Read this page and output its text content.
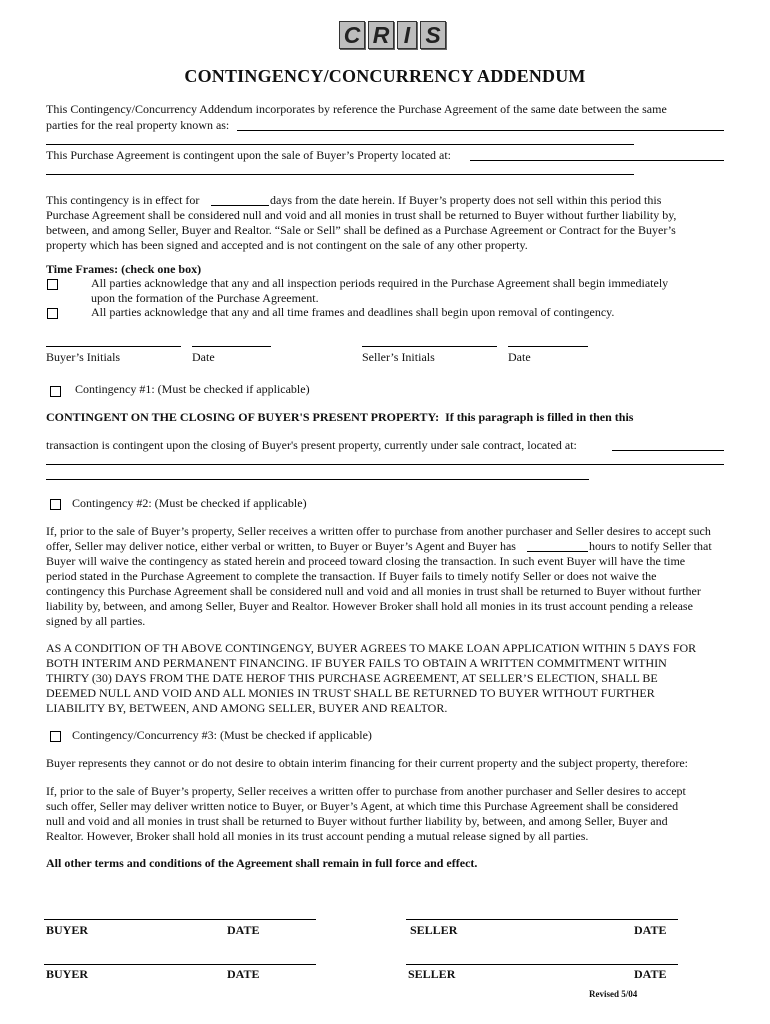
C R I S
CONTINGENCY/CONCURRENCY ADDENDUM
This Contingency/Concurrency Addendum incorporates by reference the Purchase Agreement of the same date between the same
parties for the real property known as:
This Purchase Agreement is contingent upon the sale of Buyer’s Property located at:
This contingency is in effect for	days from the date herein. If Buyer’s property does not sell within this period this
Purchase Agreement shall be considered null and void and all monies in trust shall be returned to Buyer without further liability by,
between, and among Seller, Buyer and Realtor. “Sale or Sell” shall be defined as a Purchase Agreement or Contract for the Buyer’s
property which has been signed and accepted and is not contingent on the sale of any other property.
Time Frames: (check one box)
All parties acknowledge that any and all inspection periods required in the Purchase Agreement shall begin immediately
upon the formation of the Purchase Agreement.
All parties acknowledge that any and all time frames and deadlines shall begin upon removal of contingency.
Buyer’s Initials	Date	Seller’s Initials	Date
Contingency #1: (Must be checked if applicable)
CONTINGENT ON THE CLOSING OF BUYER'S PRESENT PROPERTY: If this paragraph is filled in then this
transaction is contingent upon the closing of Buyer's present property, currently under sale contract, located at:
Contingency #2: (Must be checked if applicable)
If, prior to the sale of Buyer’s property, Seller receives a written offer to purchase from another purchaser and Seller desires to accept such
offer, Seller may deliver notice, either verbal or written, to Buyer or Buyer’s Agent and Buyer has	hours to notify Seller that
Buyer will waive the contingency as stated herein and proceed toward closing the transaction. In such event Buyer will have the time
period stated in the Purchase Agreement to complete the transaction. If Buyer fails to timely notify Seller or does not waive the
contingency this Purchase Agreement shall be considered null and void and all monies in trust shall be returned to Buyer without further
liability by, between, and among Seller, Buyer and Realtor. However Broker shall hold all monies in its trust account pending a release
signed by all parties.
AS A CONDITION OF TH ABOVE CONTINGENGY, BUYER AGREES TO MAKE LOAN APPLICATION WITHIN 5 DAYS FOR
BOTH INTERIM AND PERMANENT FINANCING. IF BUYER FAILS TO OBTAIN A WRITTEN COMMITMENT WITHIN
THIRTY (30) DAYS FROM THE DATE HEROF THIS PURCHASE AGREEMENT, AT SELLER’S ELECTION, SHALL BE
DEEMED NULL AND VOID AND ALL MONIES IN TRUST SHALL BE RETURNED TO BUYER WITHOUT FURTHER
LIABILITY BY, BETWEEN, AND AMONG SELLER, BUYER AND REALTOR.
Contingency/Concurrency #3: (Must be checked if applicable)
Buyer represents they cannot or do not desire to obtain interim financing for their current property and the subject property, therefore:
If, prior to the sale of Buyer’s property, Seller receives a written offer to purchase from another purchaser and Seller desires to accept
such offer, Seller may deliver written notice to Buyer, or Buyer’s Agent, at which time this Purchase Agreement shall be considered
null and void and all monies in trust shall be returned to Buyer without further liability by, between, and among Seller, Buyer and
Realtor. However, Broker shall hold all monies in its trust account pending a mutual release signed by all parties.
All other terms and conditions of the Agreement shall remain in full force and effect.
BUYER	DATE	SELLER	DATE
BUYER	DATE	SELLER	DATE
Revised 5/04
